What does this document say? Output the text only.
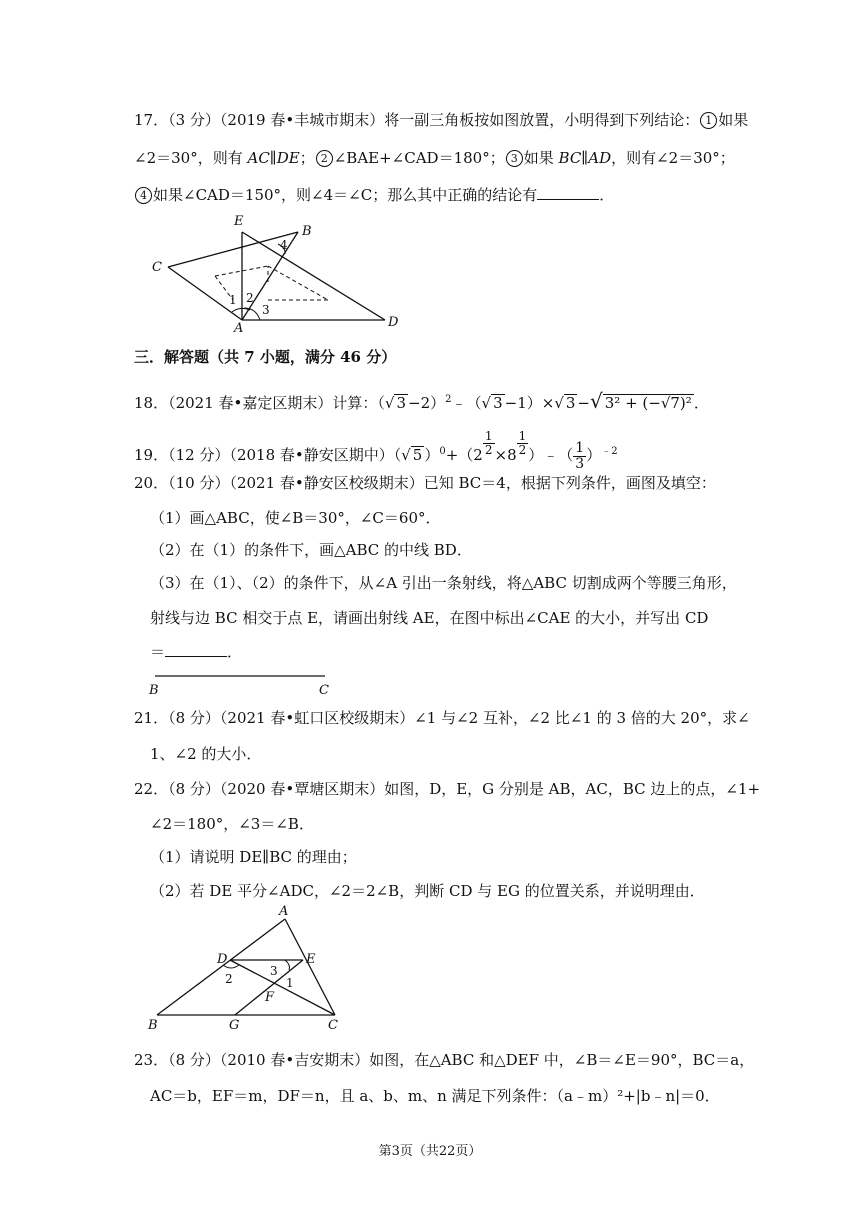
17．（3 分）（2019 春•丰城市期末）将一副三角板按如图放置，小明得到下列结论： 1 如果
∠2＝30°，则有 AC∥DE； 2 ∠BAE+∠CAD＝180°； 3 如果 BC∥AD，则有∠2＝30°；
4 如果∠CAD＝150°，则∠4＝∠C；那么其中正确的结论有	．
E
B
C
A	D
1 2
3
4
三．解答题（共 7 小题，满分 46 分）
18．（2021 春•嘉定区期末）计算：（√ 3 −2）$^2$﹣（√ 3 −1）×√ 3 −√ 3² + (−√7)² ．
19．（12 分）（2018 春•静安区期中）（√ 5 ）$^0+(2 \frac{1}{2} \times 8 \frac{1}{2}$ ）﹣（ $\frac{1}{3} )^{﹣2}$
20．（10 分）（2021 春•静安区校级期末）已知 BC＝4，根据下列条件，画图及填空：
（1）画△ABC，使∠B＝30°，∠C＝60°．
（2）在（1）的条件下，画△ABC 的中线 BD．
（3）在（1）、（2）的条件下，从∠A 引出一条射线，将△ABC 切割成两个等腰三角形，
射线与边 BC 相交于点 E，请画出射线 AE，在图中标出∠CAE 的大小，并写出 CD
＝	．
B	C
21．（8 分）（2021 春•虹口区校级期末）∠1 与∠2 互补，∠2 比∠1 的 3 倍的大 20°，求∠
1、∠2 的大小．
22．（8 分）（2020 春•覃塘区期末）如图，D，E，G 分别是 AB，AC，BC 边上的点，∠1+
∠2＝180°，∠3＝∠B．
（1）请说明 DE∥BC 的理由；
（2）若 DE 平分∠ADC，∠2＝2∠B，判断 CD 与 EG 的位置关系，并说明理由．
A
D	E
F
B	G	C
1
2
3
23．（8 分）（2010 春•吉安期末）如图，在△ABC 和△DEF 中，∠B＝∠E＝90°，BC＝a，
AC＝b，EF＝m，DF＝n，且 a、b、m、n 满足下列条件：（a﹣m）²+|b﹣n|＝0．
第3页（共22页）
